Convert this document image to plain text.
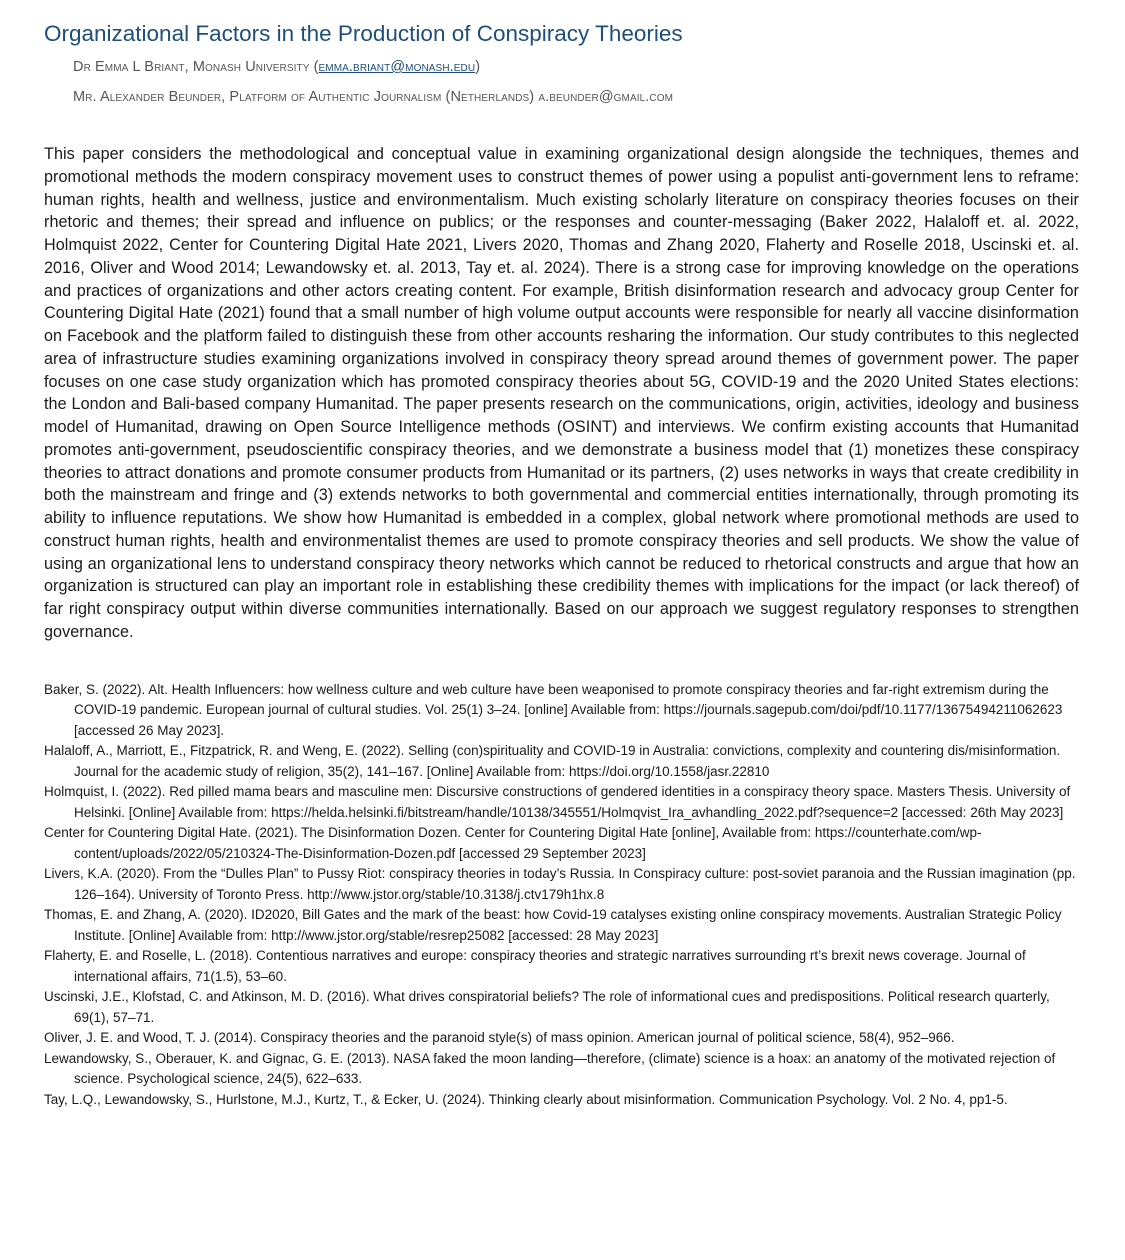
Organizational Factors in the Production of Conspiracy Theories
Dr Emma L Briant, Monash University (emma.briant@monash.edu)
Mr. Alexander Beunder, Platform of Authentic Journalism (Netherlands) a.beunder@gmail.com

This paper considers the methodological and conceptual value in examining organizational design alongside the techniques, themes and promotional methods the modern conspiracy movement uses to construct themes of power using a populist anti-government lens to reframe: human rights, health and wellness, justice and environmentalism. Much existing scholarly literature on conspiracy theories focuses on their rhetoric and themes; their spread and influence on publics; or the responses and counter-messaging (Baker 2022, Halaloff et. al. 2022, Holmquist 2022, Center for Countering Digital Hate 2021, Livers 2020, Thomas and Zhang 2020, Flaherty and Roselle 2018, Uscinski et. al. 2016, Oliver and Wood 2014; Lewandowsky et. al. 2013, Tay et. al. 2024). There is a strong case for improving knowledge on the operations and practices of organizations and other actors creating content. For example, British disinformation research and advocacy group Center for Countering Digital Hate (2021) found that a small number of high volume output accounts were responsible for nearly all vaccine disinformation on Facebook and the platform failed to distinguish these from other accounts resharing the information. Our study contributes to this neglected area of infrastructure studies examining organizations involved in conspiracy theory spread around themes of government power. The paper focuses on one case study organization which has promoted conspiracy theories about 5G, COVID-19 and the 2020 United States elections: the London and Bali-based company Humanitad. The paper presents research on the communications, origin, activities, ideology and business model of Humanitad, drawing on Open Source Intelligence methods (OSINT) and interviews. We confirm existing accounts that Humanitad promotes anti-government, pseudoscientific conspiracy theories, and we demonstrate a business model that (1) monetizes these conspiracy theories to attract donations and promote consumer products from Humanitad or its partners, (2) uses networks in ways that create credibility in both the mainstream and fringe and (3) extends networks to both governmental and commercial entities internationally, through promoting its ability to influence reputations. We show how Humanitad is embedded in a complex, global network where promotional methods are used to construct human rights, health and environmentalist themes are used to promote conspiracy theories and sell products. We show the value of using an organizational lens to understand conspiracy theory networks which cannot be reduced to rhetorical constructs and argue that how an organization is structured can play an important role in establishing these credibility themes with implications for the impact (or lack thereof) of far right conspiracy output within diverse communities internationally. Based on our approach we suggest regulatory responses to strengthen governance.

Baker, S. (2022). Alt. Health Influencers: how wellness culture and web culture have been weaponised to promote conspiracy theories and far-right extremism during the COVID-19 pandemic. European journal of cultural studies. Vol. 25(1) 3–24. [online] Available from: https://journals.sagepub.com/doi/pdf/10.1177/13675494211062623 [accessed 26 May 2023].

Halaloff, A., Marriott, E., Fitzpatrick, R. and Weng, E. (2022). Selling (con)spirituality and COVID-19 in Australia: convictions, complexity and countering dis/misinformation. Journal for the academic study of religion, 35(2), 141–167. [Online] Available from: https://doi.org/10.1558/jasr.22810

Holmquist, I. (2022). Red pilled mama bears and masculine men: Discursive constructions of gendered identities in a conspiracy theory space. Masters Thesis. University of Helsinki. [Online] Available from: https://helda.helsinki.fi/bitstream/handle/10138/345551/Holmqvist_Ira_avhandling_2022.pdf?sequence=2 [accessed: 26th May 2023]

Center for Countering Digital Hate. (2021). The Disinformation Dozen. Center for Countering Digital Hate [online], Available from: https://counterhate.com/wp-content/uploads/2022/05/210324-The-Disinformation-Dozen.pdf [accessed 29 September 2023]

Livers, K.A. (2020). From the “Dulles Plan” to Pussy Riot: conspiracy theories in today’s Russia. In Conspiracy culture: post-soviet paranoia and the Russian imagination (pp. 126–164). University of Toronto Press. http://www.jstor.org/stable/10.3138/j.ctv179h1hx.8

Thomas, E. and Zhang, A. (2020). ID2020, Bill Gates and the mark of the beast: how Covid-19 catalyses existing online conspiracy movements. Australian Strategic Policy Institute. [Online] Available from: http://www.jstor.org/stable/resrep25082 [accessed: 28 May 2023]

Flaherty, E. and Roselle, L. (2018). Contentious narratives and europe: conspiracy theories and strategic narratives surrounding rt’s brexit news coverage. Journal of international affairs, 71(1.5), 53–60.

Uscinski, J.E., Klofstad, C. and Atkinson, M. D. (2016). What drives conspiratorial beliefs? The role of informational cues and predispositions. Political research quarterly, 69(1), 57–71.

Oliver, J. E. and Wood, T. J. (2014). Conspiracy theories and the paranoid style(s) of mass opinion. American journal of political science, 58(4), 952–966.

Lewandowsky, S., Oberauer, K. and Gignac, G. E. (2013). NASA faked the moon landing—therefore, (climate) science is a hoax: an anatomy of the motivated rejection of science. Psychological science, 24(5), 622–633.

Tay, L.Q., Lewandowsky, S., Hurlstone, M.J., Kurtz, T., & Ecker, U. (2024). Thinking clearly about misinformation. Communication Psychology. Vol. 2 No. 4, pp1-5.
